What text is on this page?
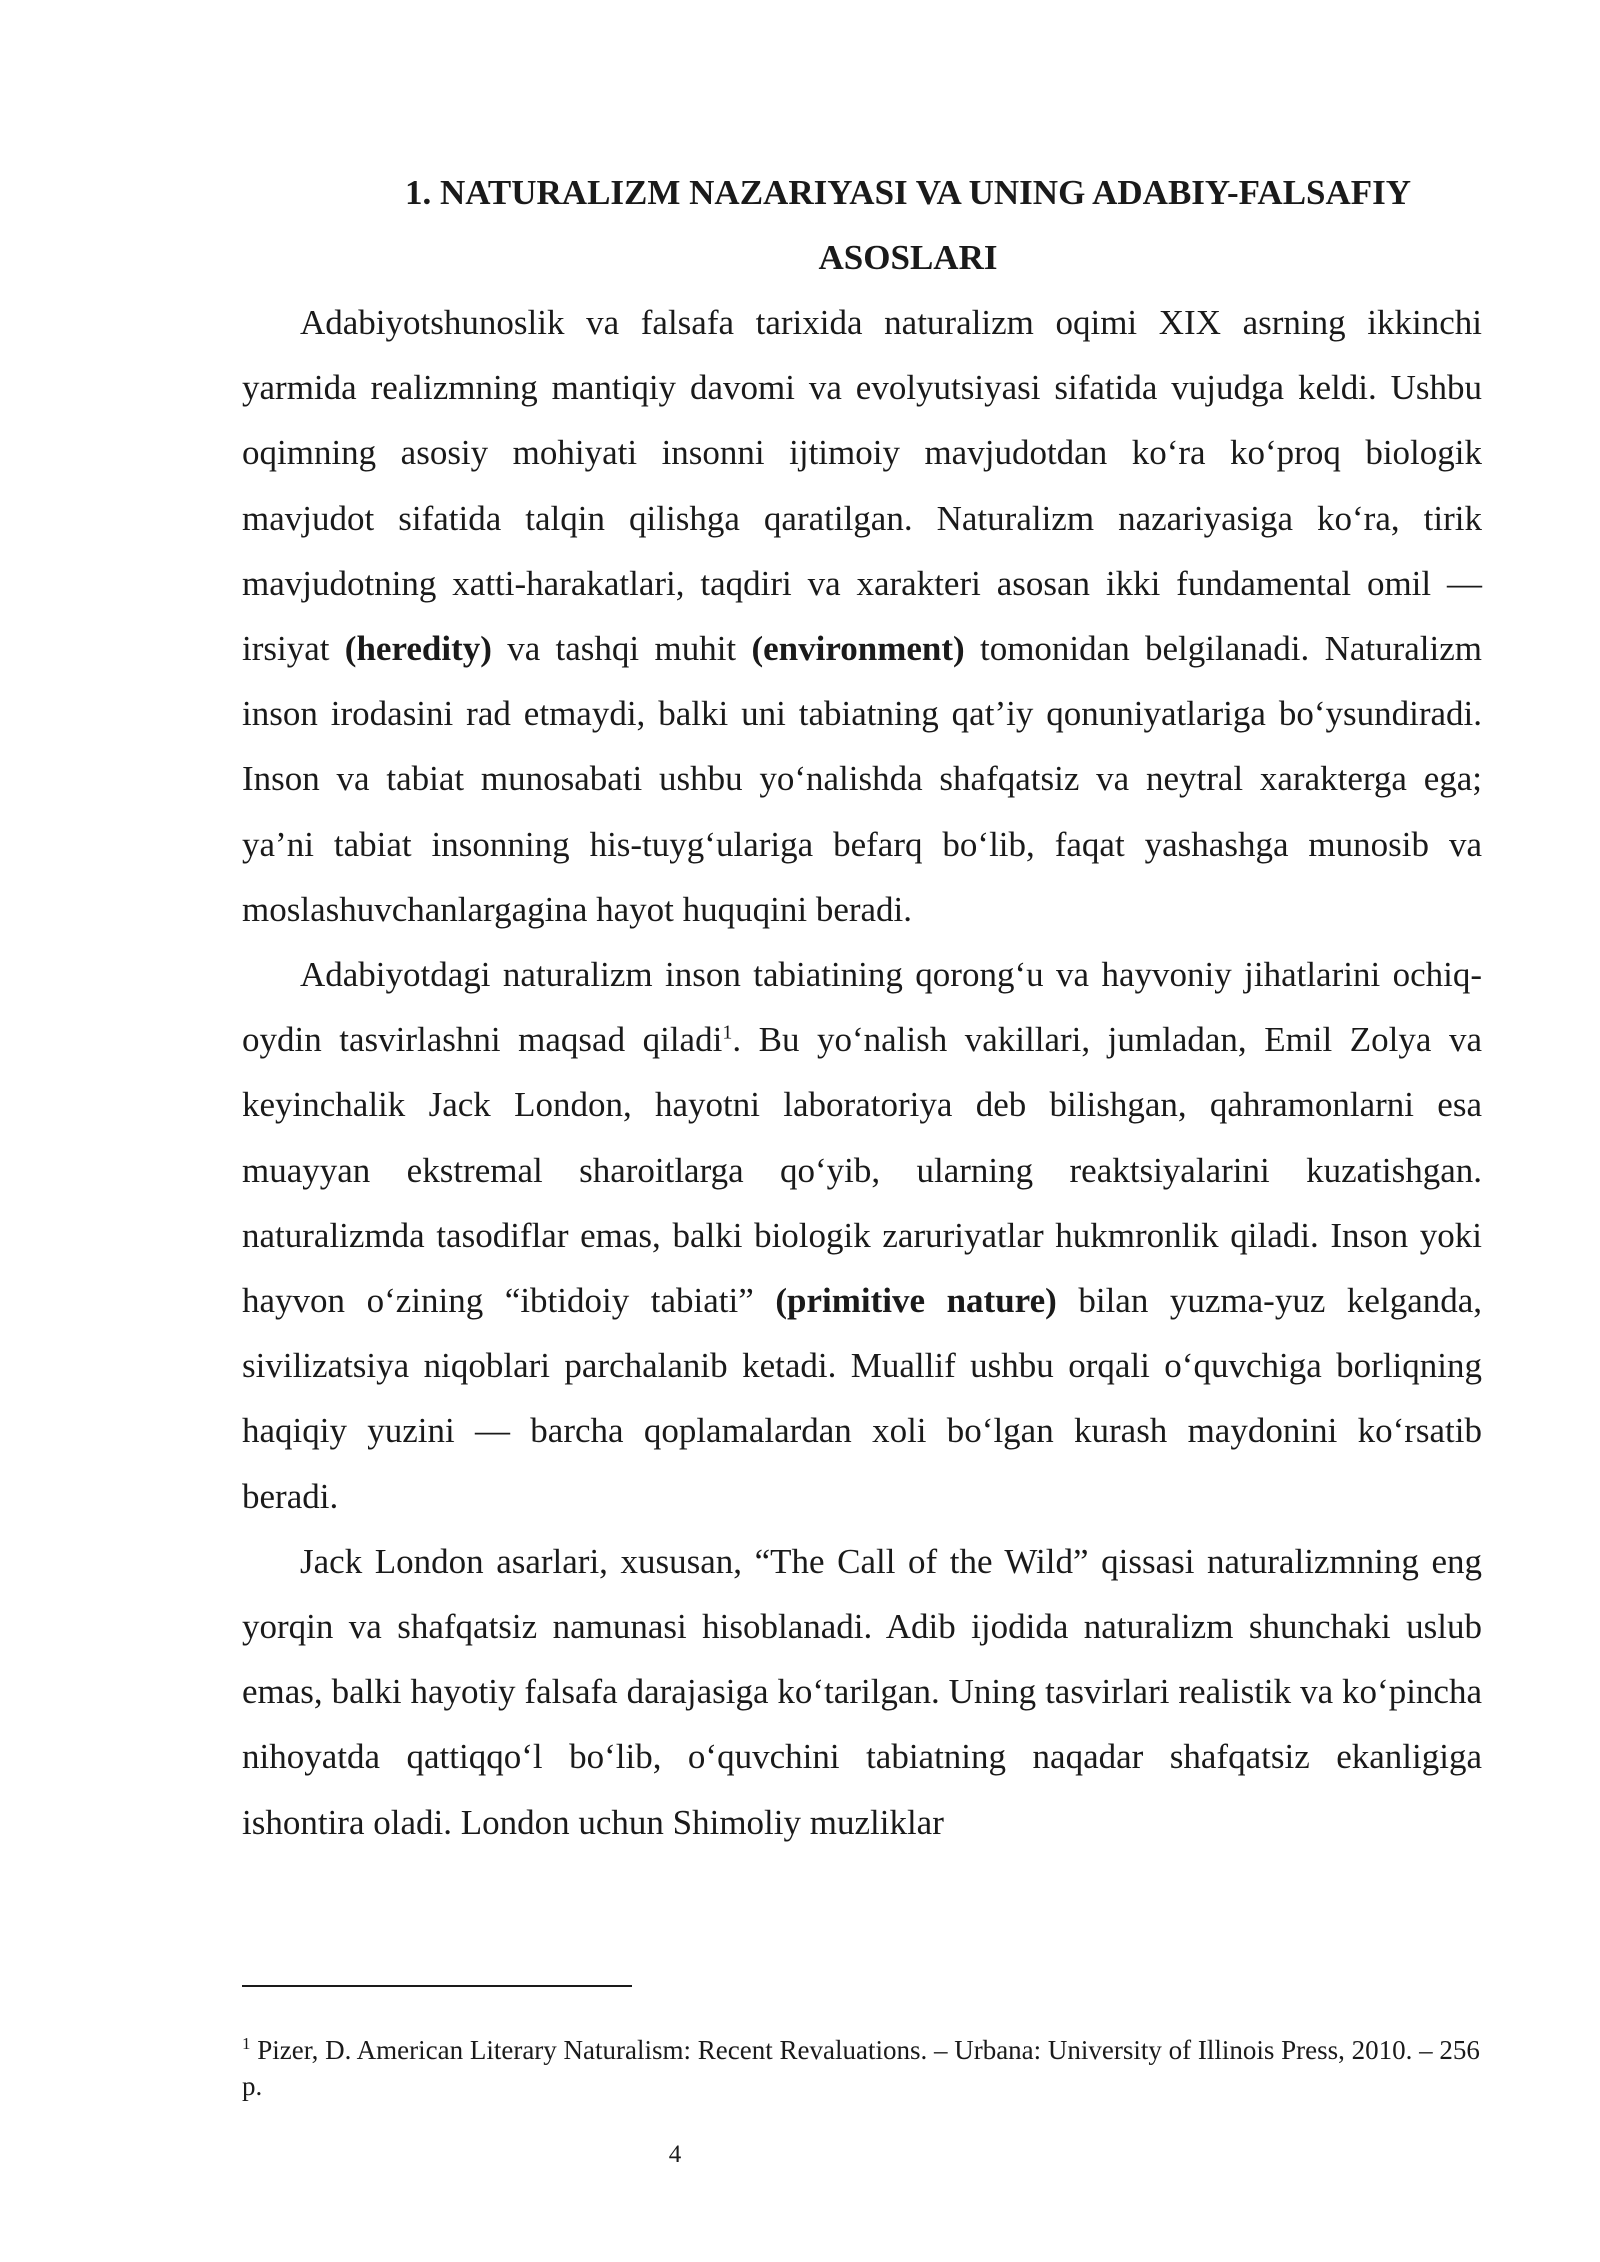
1. NATURALIZM NAZARIYASI VA UNING ADABIY-FALSAFIY
ASOSLARI

Adabiyotshunoslik va falsafa tarixida naturalizm oqimi XIX asrning ikkinchi yarmida realizmning mantiqiy davomi va evolyutsiyasi sifatida vujudga keldi. Ushbu oqimning asosiy mohiyati insonni ijtimoiy mavjudotdan ko‘ra ko‘proq biologik mavjudot sifatida talqin qilishga qaratilgan. Naturalizm nazariyasiga ko‘ra, tirik mavjudotning xatti-harakatlari, taqdiri va xarakteri asosan ikki fundamental omil — irsiyat (heredity) va tashqi muhit (environment) tomonidan belgilanadi. Naturalizm inson irodasini rad etmaydi, balki uni tabiatning qat’iy qonuniyatlariga bo‘ysundiradi. Inson va tabiat munosabati ushbu yo‘nalishda shafqatsiz va neytral xarakterga ega; ya’ni tabiat insonning his-tuyg‘ulariga befarq bo‘lib, faqat yashashga munosib va moslashuvchanlargagina hayot huquqini beradi.

Adabiyotdagi naturalizm inson tabiatining qorong‘u va hayvoniy jihatlarini ochiq-oydin tasvirlashni maqsad qiladi$^1$. Bu yo‘nalish vakillari, jumladan, Emil Zolya va keyinchalik Jack London, hayotni laboratoriya deb bilishgan, qahramonlarni esa muayyan ekstremal sharoitlarga qo‘yib, ularning reaktsiyalarini kuzatishgan. naturalizmda tasodiflar emas, balki biologik zaruriyatlar hukmronlik qiladi. Inson yoki hayvon o‘zining “ibtidoiy tabiati” (primitive nature) bilan yuzma-yuz kelganda, sivilizatsiya niqoblari parchalanib ketadi. Muallif ushbu orqali o‘quvchiga borliqning haqiqiy yuzini — barcha qoplamalardan xoli bo‘lgan kurash maydonini ko‘rsatib beradi.

Jack London asarlari, xususan, “The Call of the Wild” qissasi naturalizmning eng yorqin va shafqatsiz namunasi hisoblanadi. Adib ijodida naturalizm shunchaki uslub emas, balki hayotiy falsafa darajasiga ko‘tarilgan. Uning tasvirlari realistik va ko‘pincha nihoyatda qattiqqo‘l bo‘lib, o‘quvchini tabiatning naqadar shafqatsiz ekanligiga ishontira oladi. London uchun Shimoliy muzliklar

$^1$ Pizer, D. American Literary Naturalism: Recent Revaluations. – Urbana: University of Illinois Press, 2010. – 256 p.

4
